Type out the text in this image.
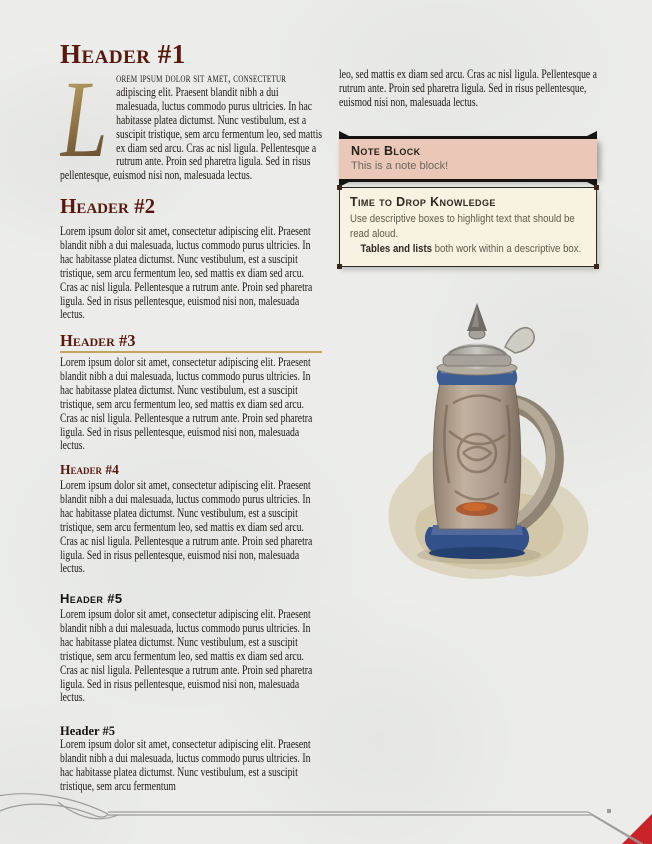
Header #1
L orem ipsum dolor sit amet, consectetur adipiscing elit. Praesent blandit nibh a dui malesuada, luctus commodo purus ultricies. In hac habitasse platea dictumst. Nunc vestibulum, est a suscipit tristique, sem arcu fermentum leo, sed mattis ex diam sed arcu. Cras ac nisl ligula. Pellentesque a rutrum ante. Proin sed pharetra ligula. Sed in risus pellentesque, euismod nisi non, malesuada lectus.
Header #2
Lorem ipsum dolor sit amet, consectetur adipiscing elit. Praesent blandit nibh a dui malesuada, luctus commodo purus ultricies. In hac habitasse platea dictumst. Nunc vestibulum, est a suscipit tristique, sem arcu fermentum leo, sed mattis ex diam sed arcu. Cras ac nisl ligula. Pellentesque a rutrum ante. Proin sed pharetra ligula. Sed in risus pellentesque, euismod nisi non, malesuada lectus.
Header #3
Lorem ipsum dolor sit amet, consectetur adipiscing elit. Praesent blandit nibh a dui malesuada, luctus commodo purus ultricies. In hac habitasse platea dictumst. Nunc vestibulum, est a suscipit tristique, sem arcu fermentum leo, sed mattis ex diam sed arcu. Cras ac nisl ligula. Pellentesque a rutrum ante. Proin sed pharetra ligula. Sed in risus pellentesque, euismod nisi non, malesuada lectus.
Header #4
Lorem ipsum dolor sit amet, consectetur adipiscing elit. Praesent blandit nibh a dui malesuada, luctus commodo purus ultricies. In hac habitasse platea dictumst. Nunc vestibulum, est a suscipit tristique, sem arcu fermentum leo, sed mattis ex diam sed arcu. Cras ac nisl ligula. Pellentesque a rutrum ante. Proin sed pharetra ligula. Sed in risus pellentesque, euismod nisi non, malesuada lectus.
Header #5
Lorem ipsum dolor sit amet, consectetur adipiscing elit. Praesent blandit nibh a dui malesuada, luctus commodo purus ultricies. In hac habitasse platea dictumst. Nunc vestibulum, est a suscipit tristique, sem arcu fermentum leo, sed mattis ex diam sed arcu. Cras ac nisl ligula. Pellentesque a rutrum ante. Proin sed pharetra ligula. Sed in risus pellentesque, euismod nisi non, malesuada lectus.
Header #5
Lorem ipsum dolor sit amet, consectetur adipiscing elit. Praesent blandit nibh a dui malesuada, luctus commodo purus ultricies. In hac habitasse platea dictumst. Nunc vestibulum, est a suscipit tristique, sem arcu fermentum
leo, sed mattis ex diam sed arcu. Cras ac nisl ligula. Pellentesque a rutrum ante. Proin sed pharetra ligula. Sed in risus pellentesque, euismod nisi non, malesuada lectus.
Note Block
This is a note block!
Time to Drop Knowledge
Use descriptive boxes to highlight text that should be read aloud.
Tables and lists both work within a descriptive box.
